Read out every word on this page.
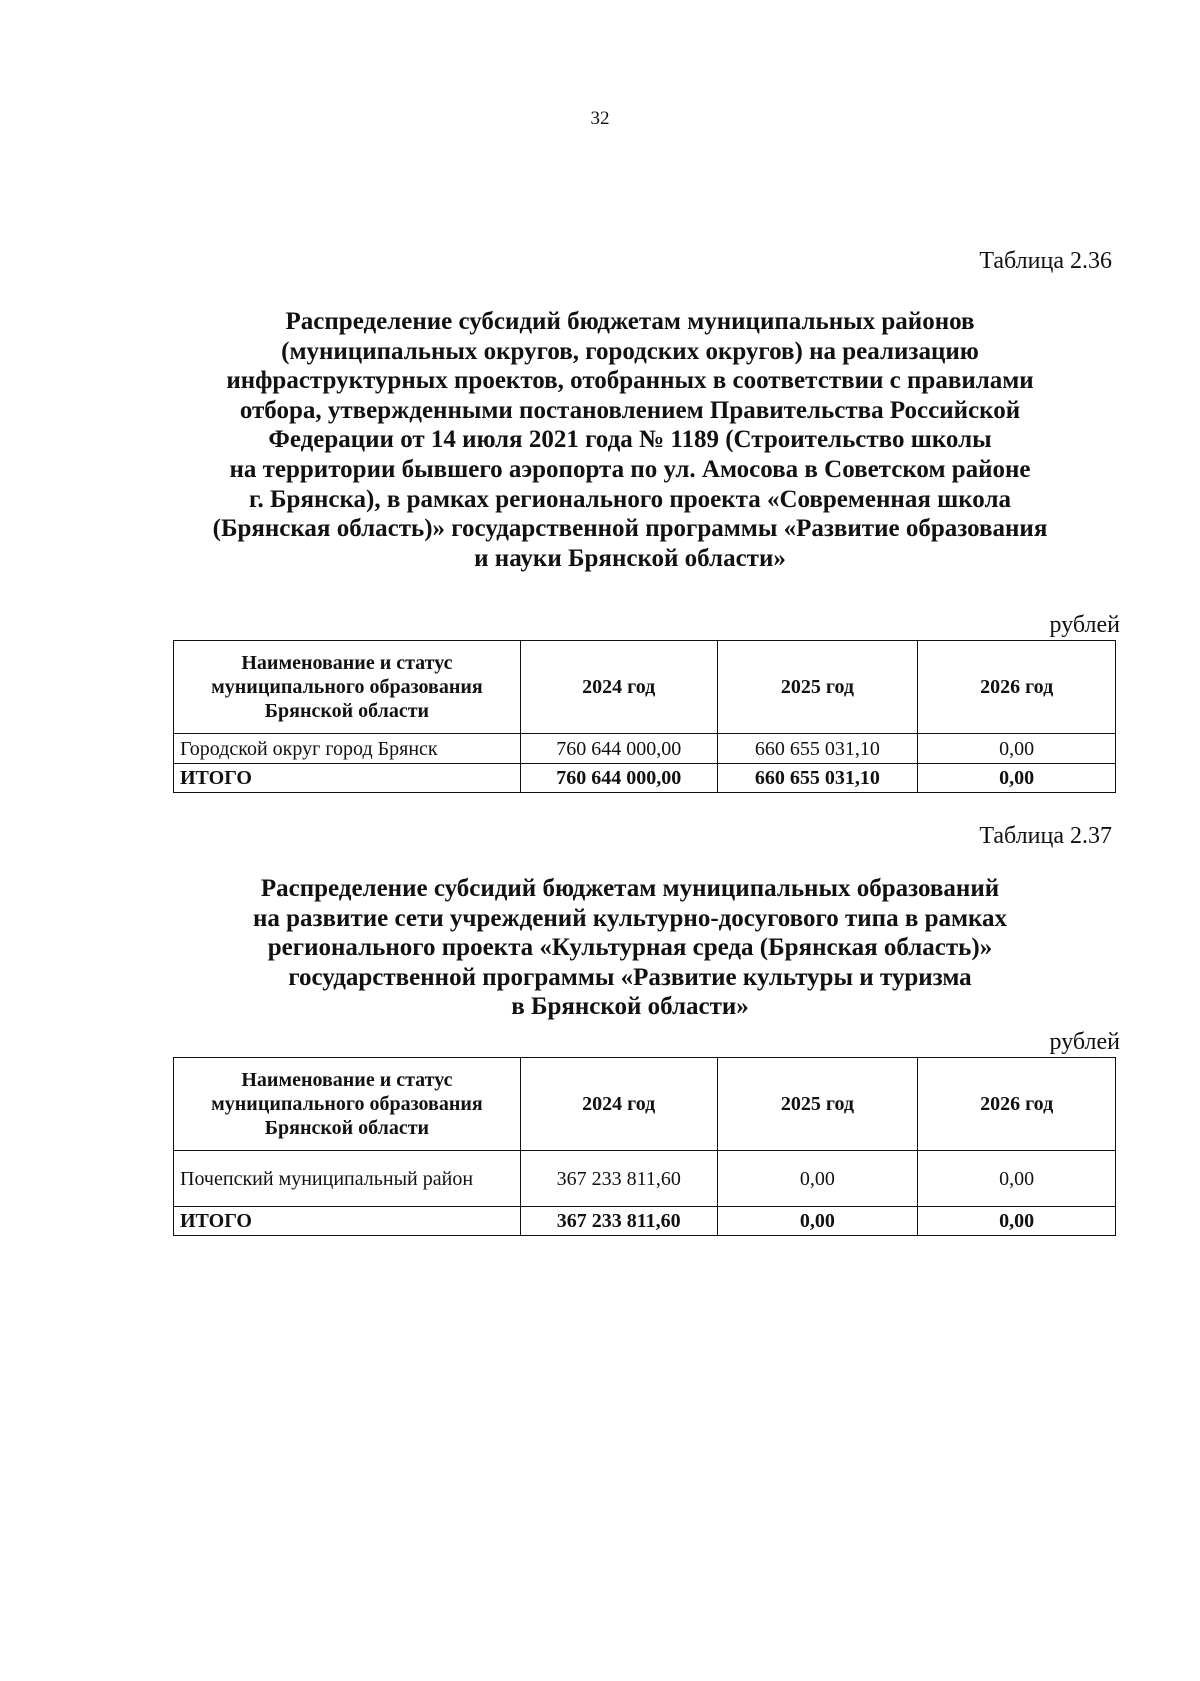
32
Таблица 2.36
Распределение субсидий бюджетам муниципальных районов
(муниципальных округов, городских округов) на реализацию
инфраструктурных проектов, отобранных в соответствии с правилами
отбора, утвержденными постановлением Правительства Российской
Федерации от 14 июля 2021 года № 1189 (Строительство школы
на территории бывшего аэропорта по ул. Амосова в Советском районе
г. Брянска), в рамках регионального проекта «Современная школа
(Брянская область)» государственной программы «Развитие образования
и науки Брянской области»
рублей
Наименование и статус
муниципального образования
Брянской области	2024 год	2025 год	2026 год
Городской округ город Брянск	760 644 000,00	660 655 031,10	0,00
ИТОГО	760 644 000,00	660 655 031,10	0,00
Таблица 2.37
Распределение субсидий бюджетам муниципальных образований
на развитие сети учреждений культурно-досугового типа в рамках
регионального проекта «Культурная среда (Брянская область)»
государственной программы «Развитие культуры и туризма
в Брянской области»
рублей
Наименование и статус
муниципального образования
Брянской области	2024 год	2025 год	2026 год
Почепский муниципальный район	367 233 811,60	0,00	0,00
ИТОГО	367 233 811,60	0,00	0,00
